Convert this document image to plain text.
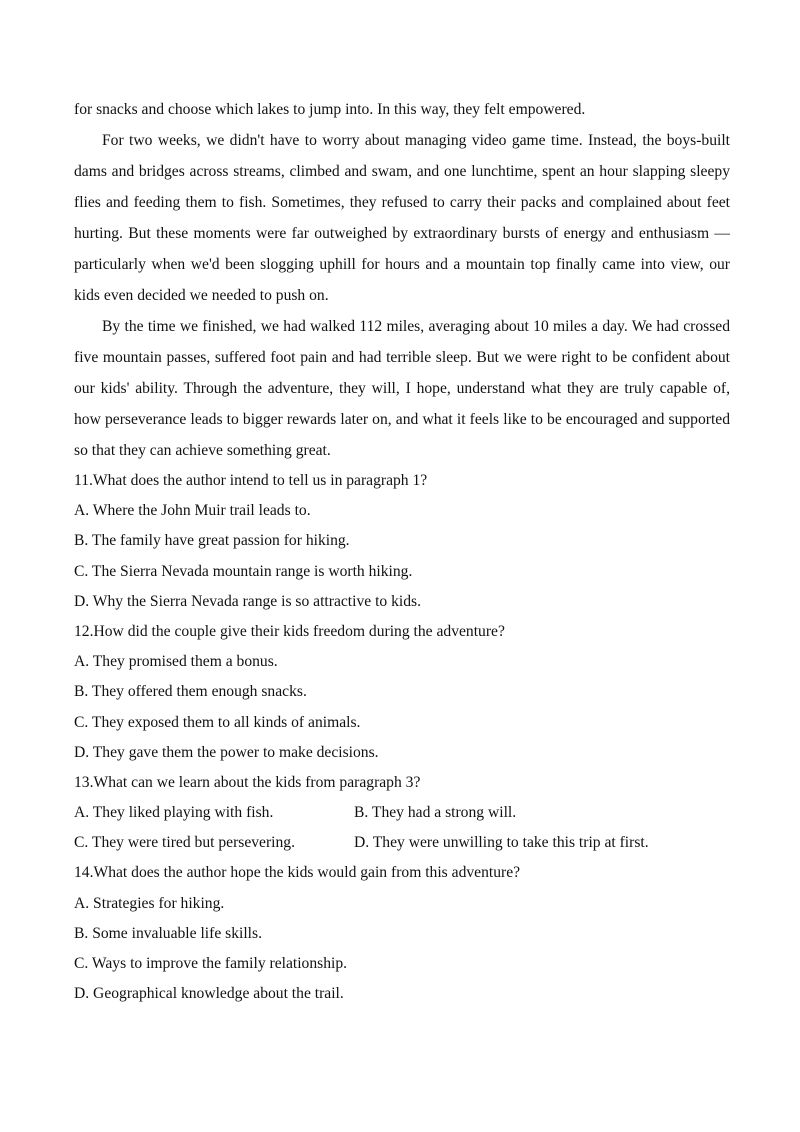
for snacks and choose which lakes to jump into. In this way, they felt empowered.
For two weeks, we didn't have to worry about managing video game time. Instead, the boys-built
dams and bridges across streams, climbed and swam, and one lunchtime, spent an hour slapping sleepy
flies and feeding them to fish. Sometimes, they refused to carry their packs and complained about feet
hurting. But these moments were far outweighed by extraordinary bursts of energy and enthusiasm —
particularly when we'd been slogging uphill for hours and a mountain top finally came into view, our
kids even decided we needed to push on.
By the time we finished, we had walked 112 miles, averaging about 10 miles a day. We had crossed
five mountain passes, suffered foot pain and had terrible sleep. But we were right to be confident about
our kids' ability. Through the adventure, they will, I hope, understand what they are truly capable of,
how perseverance leads to bigger rewards later on, and what it feels like to be encouraged and supported
so that they can achieve something great.
11.What does the author intend to tell us in paragraph 1?
A. Where the John Muir trail leads to.
B. The family have great passion for hiking.
C. The Sierra Nevada mountain range is worth hiking.
D. Why the Sierra Nevada range is so attractive to kids.
12.How did the couple give their kids freedom during the adventure?
A. They promised them a bonus.
B. They offered them enough snacks.
C. They exposed them to all kinds of animals.
D. They gave them the power to make decisions.
13.What can we learn about the kids from paragraph 3?
A. They liked playing with fish.	B. They had a strong will.
C. They were tired but persevering.	D. They were unwilling to take this trip at first.
14.What does the author hope the kids would gain from this adventure?
A. Strategies for hiking.
B. Some invaluable life skills.
C. Ways to improve the family relationship.
D. Geographical knowledge about the trail.
